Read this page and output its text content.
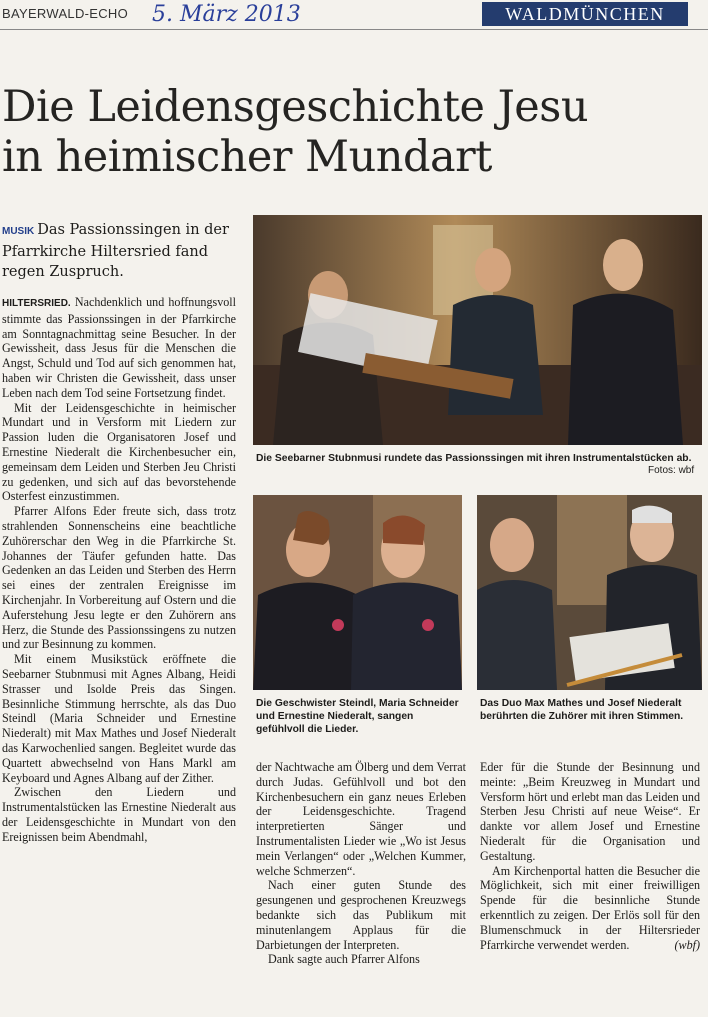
BAYERWALD-ECHO 5. März 2013	WALDMÜNCHEN
Die Leidensgeschichte Jesu
in heimischer Mundart
MUSIK Das Passionssingen in der Pfarrkirche Hiltersried fand regen Zuspruch.
Die Seebarner Stubnmusi rundete das Passionssingen mit ihren Instrumentalstücken ab.
Fotos: wbf
Die Geschwister Steindl, Maria Schneider und Ernestine Niederalt, sangen gefühlvoll die Lieder.
Das Duo Max Mathes und Josef Niederalt berührten die Zuhörer mit ihren Stimmen.

HILTERSRIED. Nachdenklich und hoffnungsvoll stimmte das Passionssingen in der Pfarrkirche am Sonntagnachmittag seine Besucher. In der Gewissheit, dass Jesus für die Menschen die Angst, Schuld und Tod auf sich genommen hat, haben wir Christen die Gewissheit, dass unser Leben nach dem Tod seine Fortsetzung findet.

Mit der Leidensgeschichte in heimischer Mundart und in Versform mit Liedern zur Passion luden die Organisatoren Josef und Ernestine Niederalt die Kirchenbesucher ein, gemeinsam dem Leiden und Sterben Jeu Christi zu gedenken, und sich auf das bevorstehende Osterfest einzustimmen.

Pfarrer Alfons Eder freute sich, dass trotz strahlenden Sonnenscheins eine beachtliche Zuhörerschar den Weg in die Pfarrkirche St. Johannes der Täufer gefunden hatte. Das Gedenken an das Leiden und Sterben des Herrn sei eines der zentralen Ereignisse im Kirchenjahr. In Vorbereitung auf Ostern und die Auferstehung Jesu legte er den Zuhörern ans Herz, die Stunde des Passionssingens zu nutzen und zur Besinnung zu kommen.

Mit einem Musikstück eröffnete die Seebarner Stubnmusi mit Agnes Albang, Heidi Strasser und Isolde Preis das Singen. Besinnliche Stimmung herrschte, als das Duo Steindl (Maria Schneider und Ernestine Niederalt) mit Max Mathes und Josef Niederalt das Karwochenlied sangen. Begleitet wurde das Quartett abwechselnd von Hans Markl am Keyboard und Agnes Albang auf der Zither.

Zwischen den Liedern und Instrumentalstücken las Ernestine Niederalt aus der Leidensgeschichte in Mundart von den Ereignissen beim Abendmahl,

der Nachtwache am Ölberg und dem Verrat durch Judas. Gefühlvoll und bot den Kirchenbesuchern ein ganz neues Erleben der Leidensgeschichte. Tragend interpretierten Sänger und Instrumentalisten Lieder wie „Wo ist Jesus mein Verlangen“ oder „Welchen Kummer, welche Schmerzen“.

Nach einer guten Stunde des gesungenen und gesprochenen Kreuzwegs bedankte sich das Publikum mit minutenlangem Applaus für die Darbietungen der Interpreten.

Dank sagte auch Pfarrer Alfons

Eder für die Stunde der Besinnung und meinte: „Beim Kreuzweg in Mundart und Versform hört und erlebt man das Leiden und Sterben Jesu Christi auf neue Weise“. Er dankte vor allem Josef und Ernestine Niederalt für die Organisation und Gestaltung.

Am Kirchenportal hatten die Besucher die Möglichkeit, sich mit einer freiwilligen Spende für die besinnliche Stunde erkenntlich zu zeigen. Der Erlös soll für den Blumenschmuck in der Hiltersrieder Pfarrkirche verwendet werden.	(wbf)
